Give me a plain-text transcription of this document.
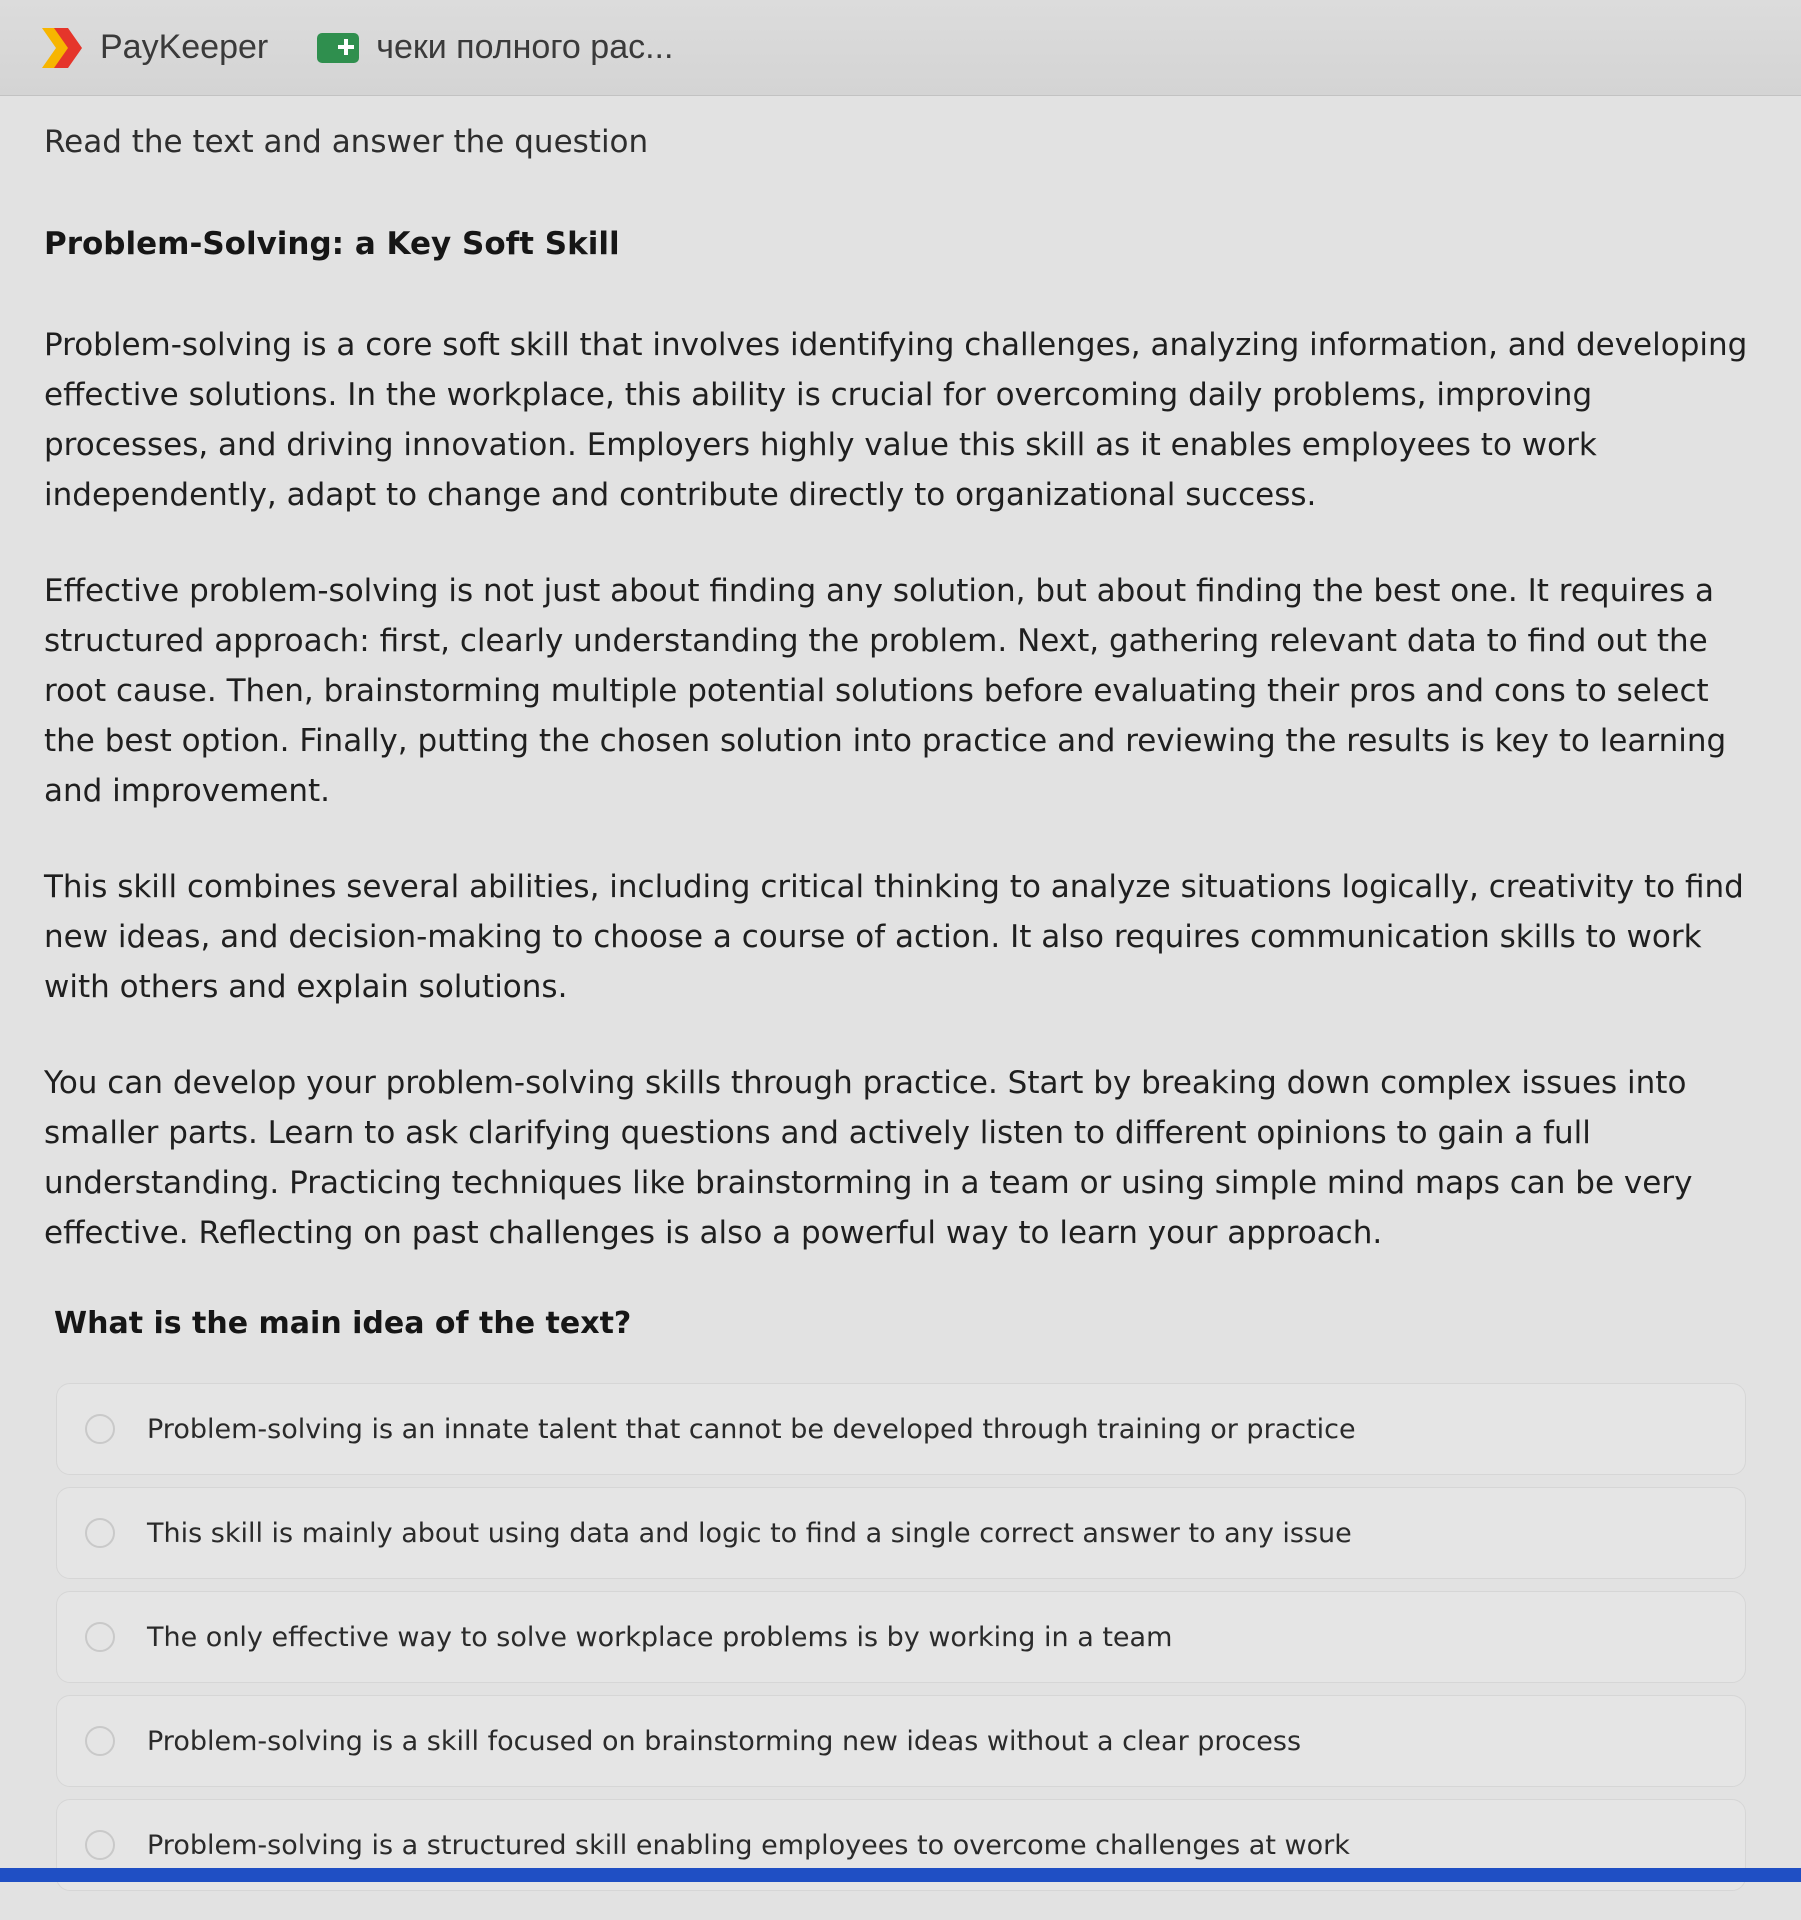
PayKeeper	чеки полного рас...
Read the text and answer the question
Problem-Solving: a Key Soft Skill

Problem-solving is a core soft skill that involves identifying challenges, analyzing information, and developing effective solutions. In the workplace, this ability is crucial for overcoming daily problems, improving processes, and driving innovation. Employers highly value this skill as it enables employees to work independently, adapt to change and contribute directly to organizational success.

Effective problem-solving is not just about finding any solution, but about finding the best one. It requires a structured approach: first, clearly understanding the problem. Next, gathering relevant data to find out the root cause. Then, brainstorming multiple potential solutions before evaluating their pros and cons to select the best option. Finally, putting the chosen solution into practice and reviewing the results is key to learning and improvement.

This skill combines several abilities, including critical thinking to analyze situations logically, creativity to find new ideas, and decision-making to choose a course of action. It also requires communication skills to work with others and explain solutions.

You can develop your problem-solving skills through practice. Start by breaking down complex issues into smaller parts. Learn to ask clarifying questions and actively listen to different opinions to gain a full understanding. Practicing techniques like brainstorming in a team or using simple mind maps can be very effective. Reflecting on past challenges is also a powerful way to learn your approach.

What is the main idea of the text?
Problem-solving is an innate talent that cannot be developed through training or practice
This skill is mainly about using data and logic to find a single correct answer to any issue
The only effective way to solve workplace problems is by working in a team
Problem-solving is a skill focused on brainstorming new ideas without a clear process
Problem-solving is a structured skill enabling employees to overcome challenges at work
